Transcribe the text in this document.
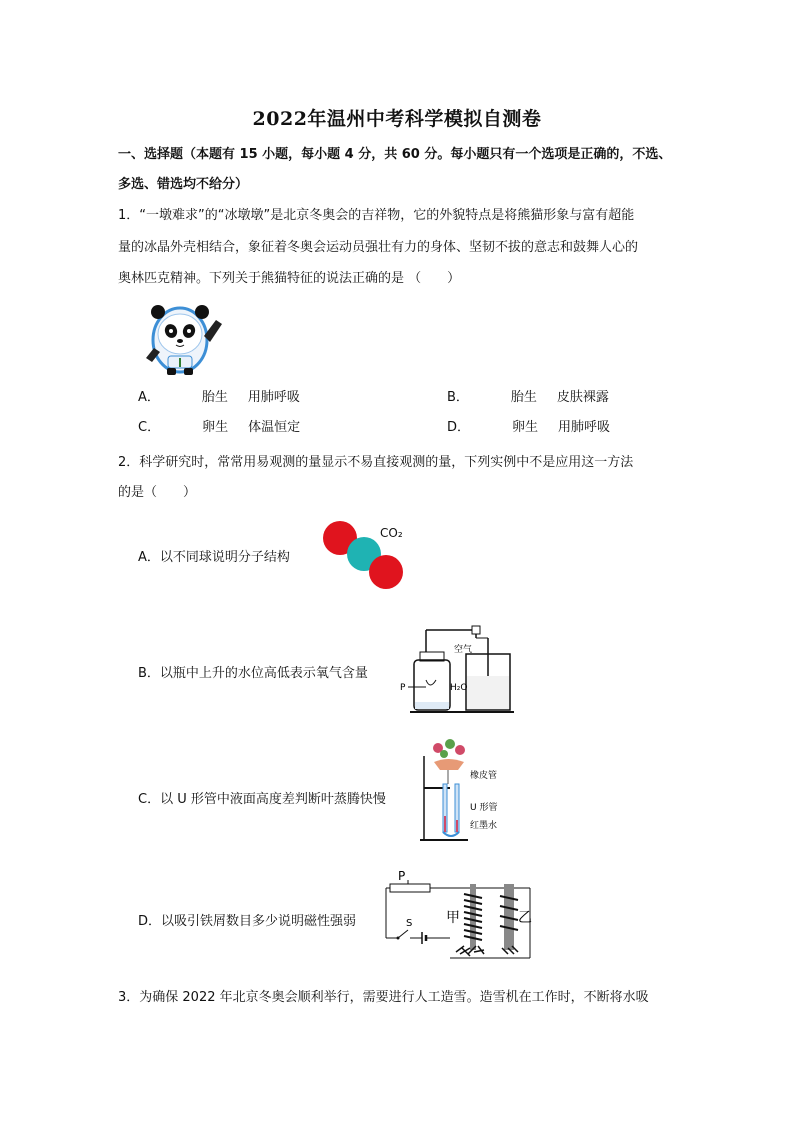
2022年温州中考科学模拟自测卷
一、选择题（本题有 15 小题，每小题 4 分，共 60 分。每小题只有一个选项是正确的，不选、
多选、错选均不给分）
1．“一墩难求”的“冰墩墩”是北京冬奥会的吉祥物，它的外貌特点是将熊猫形象与富有超能
量的冰晶外壳相结合，象征着冬奥会运动员强壮有力的身体、坚韧不拔的意志和鼓舞人心的
奥林匹克精神。下列关于熊猫特征的说法正确的是 （　　）
A．	胎生 用肺呼吸	B．	胎生 皮肤裸露
C．	卵生 体温恒定	D．	卵生 用肺呼吸
2．科学研究时，常常用易观测的量显示不易直接观测的量，下列实例中不是应用这一方法
的是（　　）
A．以不同球说明分子结构
CO₂
B．以瓶中上升的水位高低表示氧气含量
空气
P	H₂O
C．以 U 形管中液面高度差判断叶蒸腾快慢
橡皮管
U 形管
红墨水
D．以吸引铁屑数目多少说明磁性强弱
P
S 甲	乙
3．为确保 2022 年北京冬奥会顺利举行，需要进行人工造雪。造雪机在工作时，不断将水吸
